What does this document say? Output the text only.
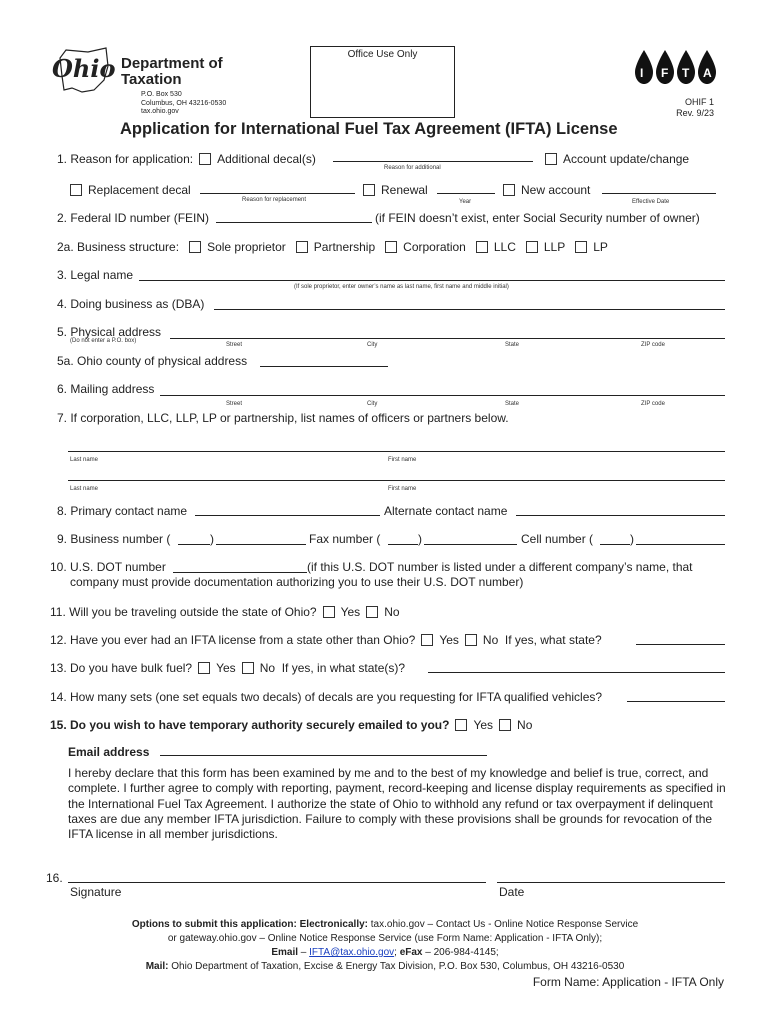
Ohio Department of
Taxation
P.O. Box 530
Columbus, OH 43216-0530
tax.ohio.gov
Office Use Only
I F T A
OHIF 1
Rev. 9/23
Application for International Fuel Tax Agreement (IFTA) License
1. Reason for application: Additional decal(s)
Reason for additional
Account update/change
Replacement decal
Reason for replacement
Renewal
Year
New account
Effective Date
2. Federal ID number (FEIN)	(if FEIN doesn’t exist, enter Social Security number of owner)
2a. Business structure: Sole proprietor Partnership Corporation LLC LLP LP
3. Legal name
(If sole proprietor, enter owner’s name as last name, first name and middle initial)
4. Doing business as (DBA)
5. Physical address
(Do not enter a P.O. box)
Street	City	State	ZIP code
5a. Ohio county of physical address
6. Mailing address
Street	City	State	ZIP code
7. If corporation, LLC, LLP, LP or partnership, list names of officers or partners below.
Last name	First name
Last name	First name
8. Primary contact name	Alternate contact name
9. Business number (	)	Fax number (	)	Cell number (	)
10. U.S. DOT number	(if this U.S. DOT number is listed under a different company’s name, that
company must provide documentation authorizing you to use their U.S. DOT number)
11. Will you be traveling outside the state of Ohio? Yes No
12. Have you ever had an IFTA license from a state other than Ohio? Yes No If yes, what state?
13. Do you have bulk fuel? Yes No If yes, in what state(s)?
14. How many sets (one set equals two decals) of decals are you requesting for IFTA qualified vehicles?
15. Do you wish to have temporary authority securely emailed to you? Yes No
Email address
I hereby declare that this form has been examined by me and to the best of my knowledge and belief is true, correct, and complete. I further agree to comply with reporting, payment, record-keeping and license display requirements as specified in the International Fuel Tax Agreement. I authorize the state of Ohio to withhold any refund or tax overpayment if delinquent taxes are due any member IFTA jurisdiction. Failure to comply with these provisions shall be grounds for revocation of the IFTA license in all member jurisdictions.
16.
Signature	Date
Options to submit this application: Electronically: tax.ohio.gov – Contact Us - Online Notice Response Service
or gateway.ohio.gov – Online Notice Response Service (use Form Name: Application - IFTA Only);
Email – IFTA@tax.ohio.gov; eFax – 206-984-4145;
Mail: Ohio Department of Taxation, Excise & Energy Tax Division, P.O. Box 530, Columbus, OH 43216-0530
Form Name: Application - IFTA Only
